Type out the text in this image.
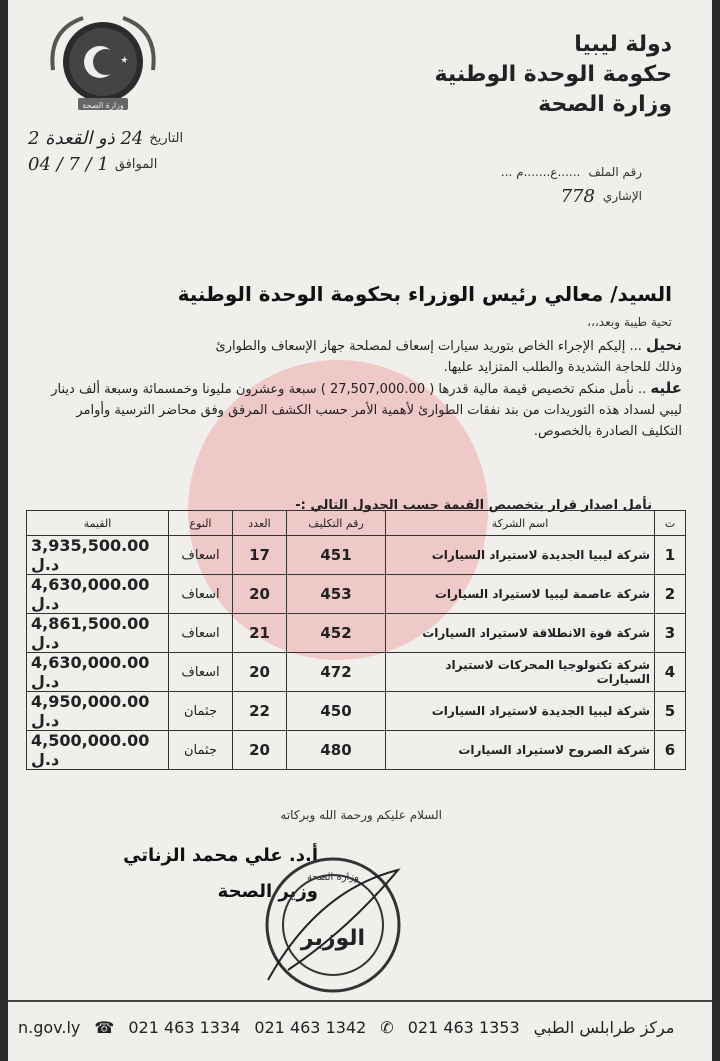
وزارة الصحة
دولة ليبيا
حكومة الوحدة الوطنية
وزارة الصحة
التاريخ
24 ذو القعدة 2
الموافق
1 / 7 / 04	رقم الملف
......ع.......م ...
الإشاري
778
السيد/ معالي رئيس الوزراء بحكومة الوحدة الوطنية
تحية طيبة وبعد،،،
نحيل ... إليكم الإجراء الخاص بتوريد سيارات إسعاف لمصلحة جهاز الإسعاف والطوارئ
وذلك للحاجة الشديدة والطلب المتزايد عليها.
عليه .. نأمل منكم تخصيص قيمة مالية قدرها ( 27,507,000.00 ) سبعة وعشرون مليونا وخمسمائة وسبعة ألف دينار ليبي لسداد هذه التوريدات من بند نفقات الطوارئ لأهمية الأمر حسب الكشف المرفق وفق محاضر الترسية وأوامر التكليف الصادرة بالخصوص.
نأمل اصدار قرار بتخصيص القيمة حسب الجدول التالي :-
ت	اسم الشركة	رقم التكليف	العدد	النوع	القيمة
1	شركة ليبيا الجديدة لاستيراد السيارات	451	17	اسعاف	3,935,500.00 د.ل
2	شركة عاصمة ليبيا لاستيراد السيارات	453	20	اسعاف	4,630,000.00 د.ل
3	شركة قوة الانطلاقة لاستيراد السيارات	452	21	اسعاف	4,861,500.00 د.ل
4	شركة تكنولوجيا المحركات لاستيراد السيارات	472	20	اسعاف	4,630,000.00 د.ل
5	شركة ليبيا الجديدة لاستيراد السيارات	450	22	جثمان	4,950,000.00 د.ل
6	شركة الصروح لاستيراد السيارات	480	20	جثمان	4,500,000.00 د.ل
السلام عليكم ورحمة الله وبركاته
أ.د. علي محمد الزناتي
وزير الصحة
وزارة الصحة
الوزير
n.gov.ly ☎ 021 463 1334 021 463 1342 ✆ 021 463 1353 مركز طرابلس الطبي
